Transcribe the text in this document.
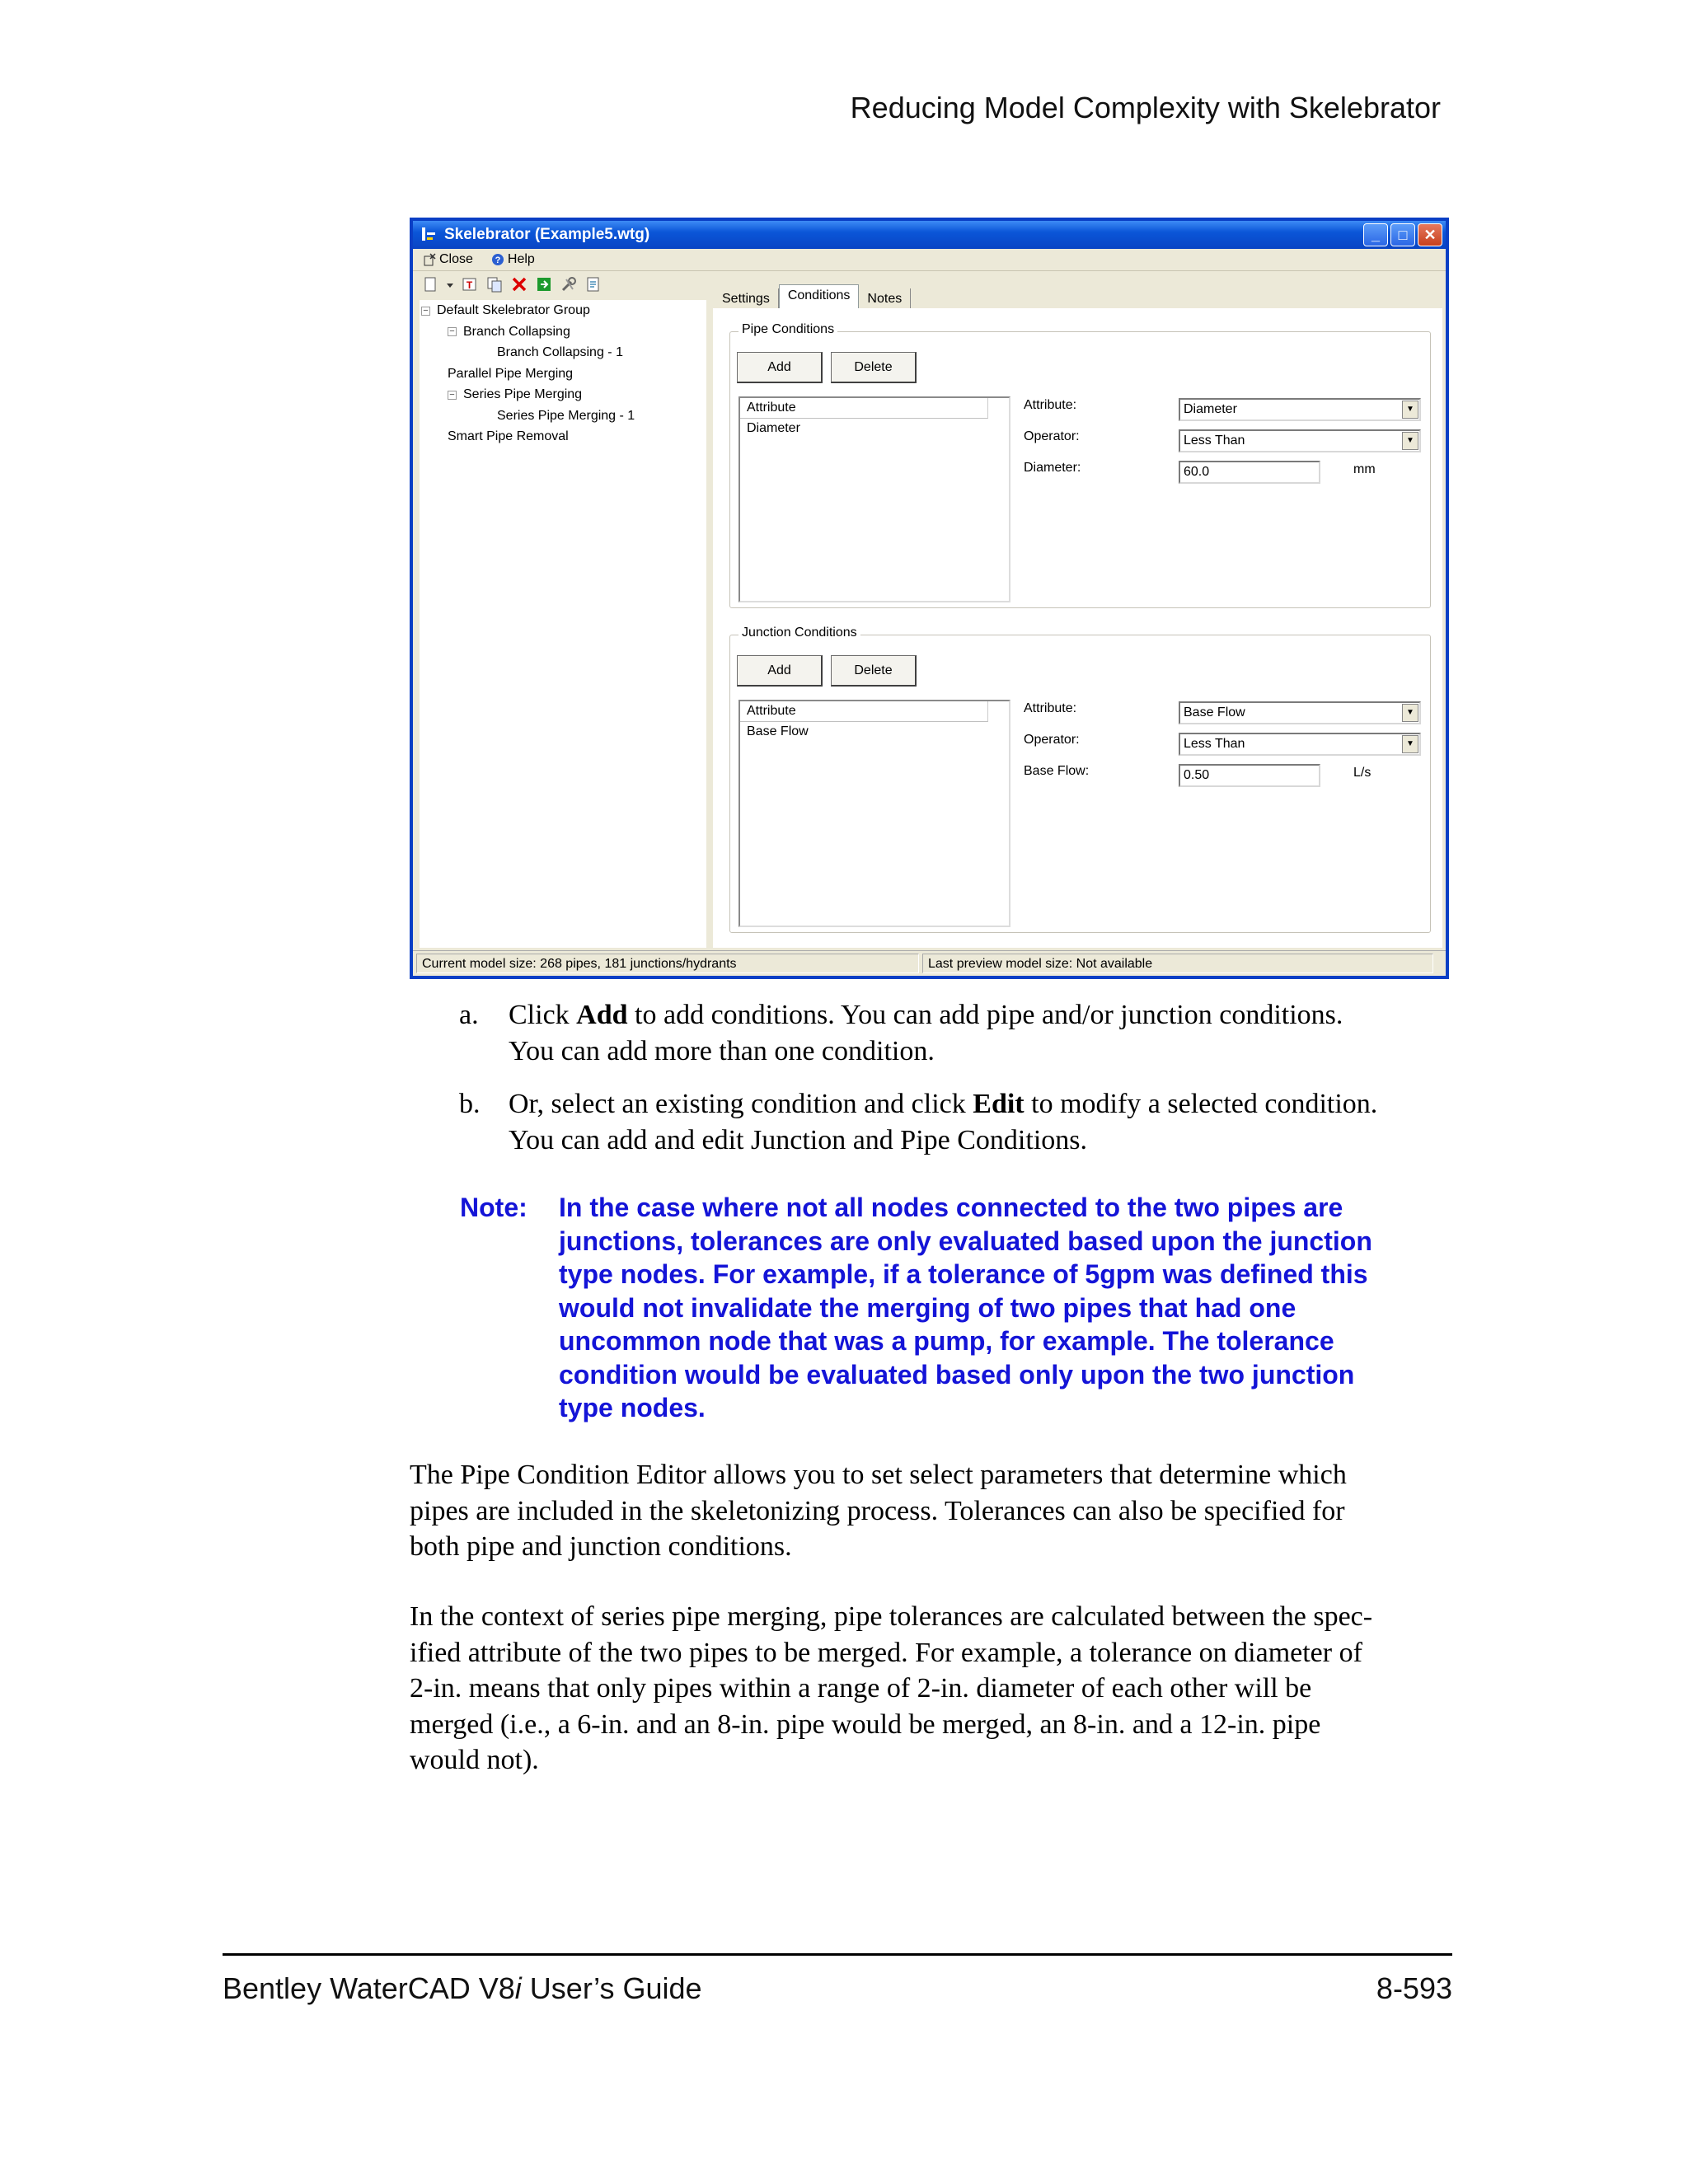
Reducing Model Complexity with Skelebrator
Skelebrator (Example5.wtg)	_ □ ✕
Close ? Help
T
− Default Skelebrator Group
− Branch Collapsing
Branch Collapsing - 1
Parallel Pipe Merging
− Series Pipe Merging
Series Pipe Merging - 1
Smart Pipe Removal
Settings	Conditions	Notes
Pipe Conditions
Add	Delete
Attribute
Diameter
Attribute:	Diameter	▼
Operator:	Less Than	▼
Diameter:	60.0	mm
Junction Conditions
Add	Delete
Attribute
Base Flow
Attribute:	Base Flow	▼
Operator:	Less Than	▼
Base Flow:	0.50	L/s
Current model size: 268 pipes, 181 junctions/hydrants	Last preview model size: Not available
a. Click Add to add conditions. You can add pipe and/or junction conditions.
You can add more than one condition.
b. Or, select an existing condition and click Edit to modify a selected condition.
You can add and edit Junction and Pipe Conditions.
Note: In the case where not all nodes connected to the two pipes are
junctions, tolerances are only evaluated based upon the junction
type nodes. For example, if a tolerance of 5gpm was defined this
would not invalidate the merging of two pipes that had one
uncommon node that was a pump, for example. The tolerance
condition would be evaluated based only upon the two junction
type nodes.
The Pipe Condition Editor allows you to set select parameters that determine which
pipes are included in the skeletonizing process. Tolerances can also be specified for
both pipe and junction conditions.
In the context of series pipe merging, pipe tolerances are calculated between the spec-
ified attribute of the two pipes to be merged. For example, a tolerance on diameter of
2-in. means that only pipes within a range of 2-in. diameter of each other will be
merged (i.e., a 6-in. and an 8-in. pipe would be merged, an 8-in. and a 12-in. pipe
would not).
Bentley WaterCAD V8i User’s Guide	8-593
